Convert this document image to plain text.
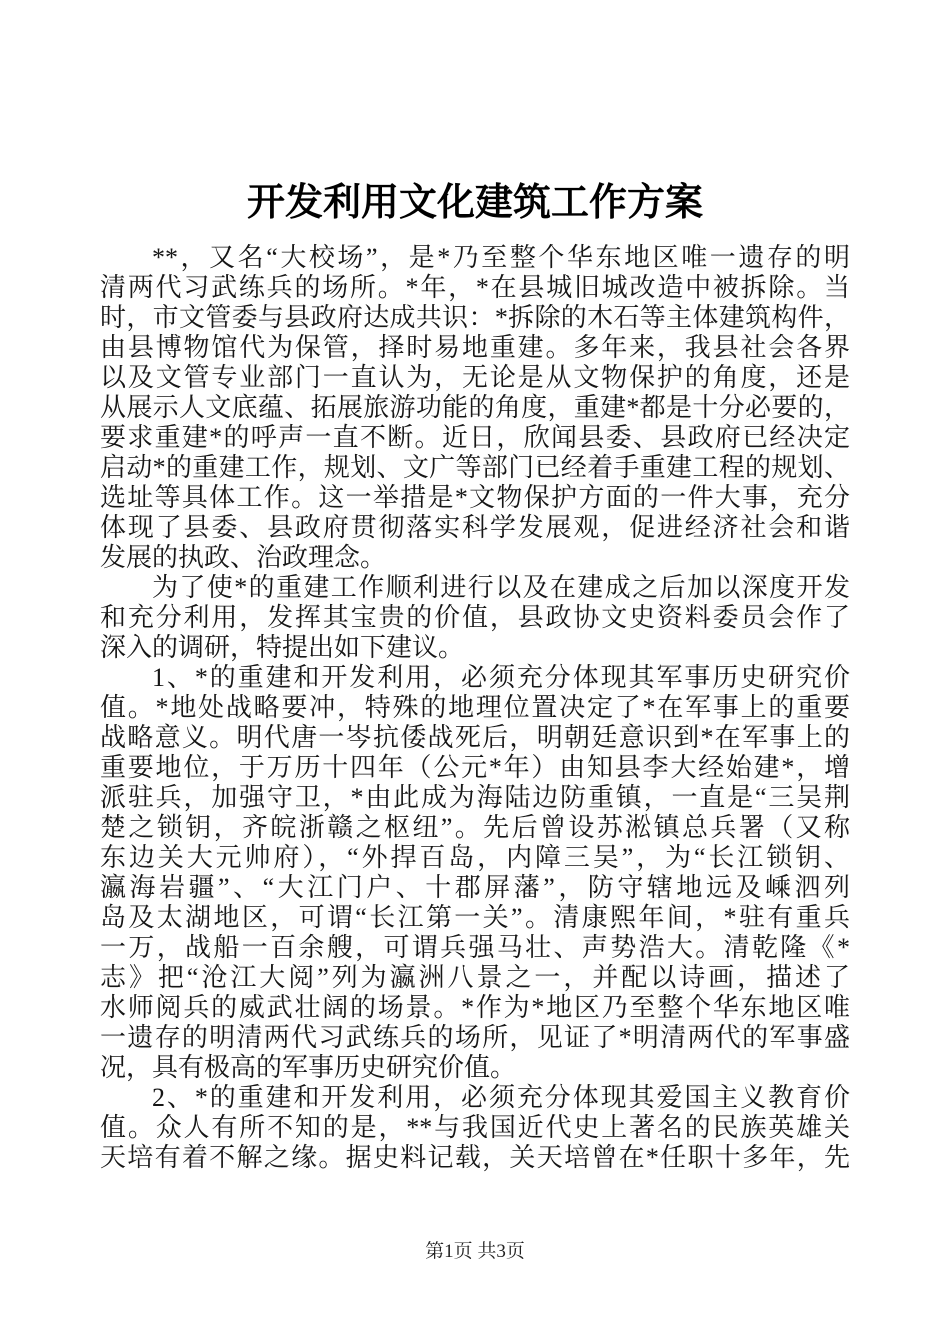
开发利用文化建筑工作方案
**，又名“大校场”，是*乃至整个华东地区唯一遗存的明
清两代习武练兵的场所。*年，*在县城旧城改造中被拆除。当
时，市文管委与县政府达成共识：*拆除的木石等主体建筑构件，
由县博物馆代为保管，择时易地重建。多年来，我县社会各界
以及文管专业部门一直认为，无论是从文物保护的角度，还是
从展示人文底蕴、拓展旅游功能的角度，重建*都是十分必要的，
要求重建*的呼声一直不断。近日，欣闻县委、县政府已经决定
启动*的重建工作，规划、文广等部门已经着手重建工程的规划、
选址等具体工作。这一举措是*文物保护方面的一件大事，充分
体现了县委、县政府贯彻落实科学发展观，促进经济社会和谐
发展的执政、治政理念。
为了使*的重建工作顺利进行以及在建成之后加以深度开发
和充分利用，发挥其宝贵的价值，县政协文史资料委员会作了
深入的调研，特提出如下建议。
1、*的重建和开发利用，必须充分体现其军事历史研究价
值。*地处战略要冲，特殊的地理位置决定了*在军事上的重要
战略意义。明代唐一岑抗倭战死后，明朝廷意识到*在军事上的
重要地位，于万历十四年（公元*年）由知县李大经始建*，增
派驻兵，加强守卫，*由此成为海陆边防重镇，一直是“三吴荆
楚之锁钥，齐皖浙赣之枢纽”。先后曾设苏淞镇总兵署（又称
东边关大元帅府），“外捍百岛，内障三吴”，为“长江锁钥、
瀛海岩疆”、“大江门户、十郡屏藩”，防守辖地远及嵊泗列
岛及太湖地区，可谓“长江第一关”。清康熙年间，*驻有重兵
一万，战船一百余艘，可谓兵强马壮、声势浩大。清乾隆《*
志》把“沧江大阅”列为瀛洲八景之一，并配以诗画，描述了
水师阅兵的威武壮阔的场景。*作为*地区乃至整个华东地区唯
一遗存的明清两代习武练兵的场所，见证了*明清两代的军事盛
况，具有极高的军事历史研究价值。
2、*的重建和开发利用，必须充分体现其爱国主义教育价
值。众人有所不知的是，**与我国近代史上著名的民族英雄关
天培有着不解之缘。据史料记载，关天培曾在*任职十多年，先
第1页 共3页
